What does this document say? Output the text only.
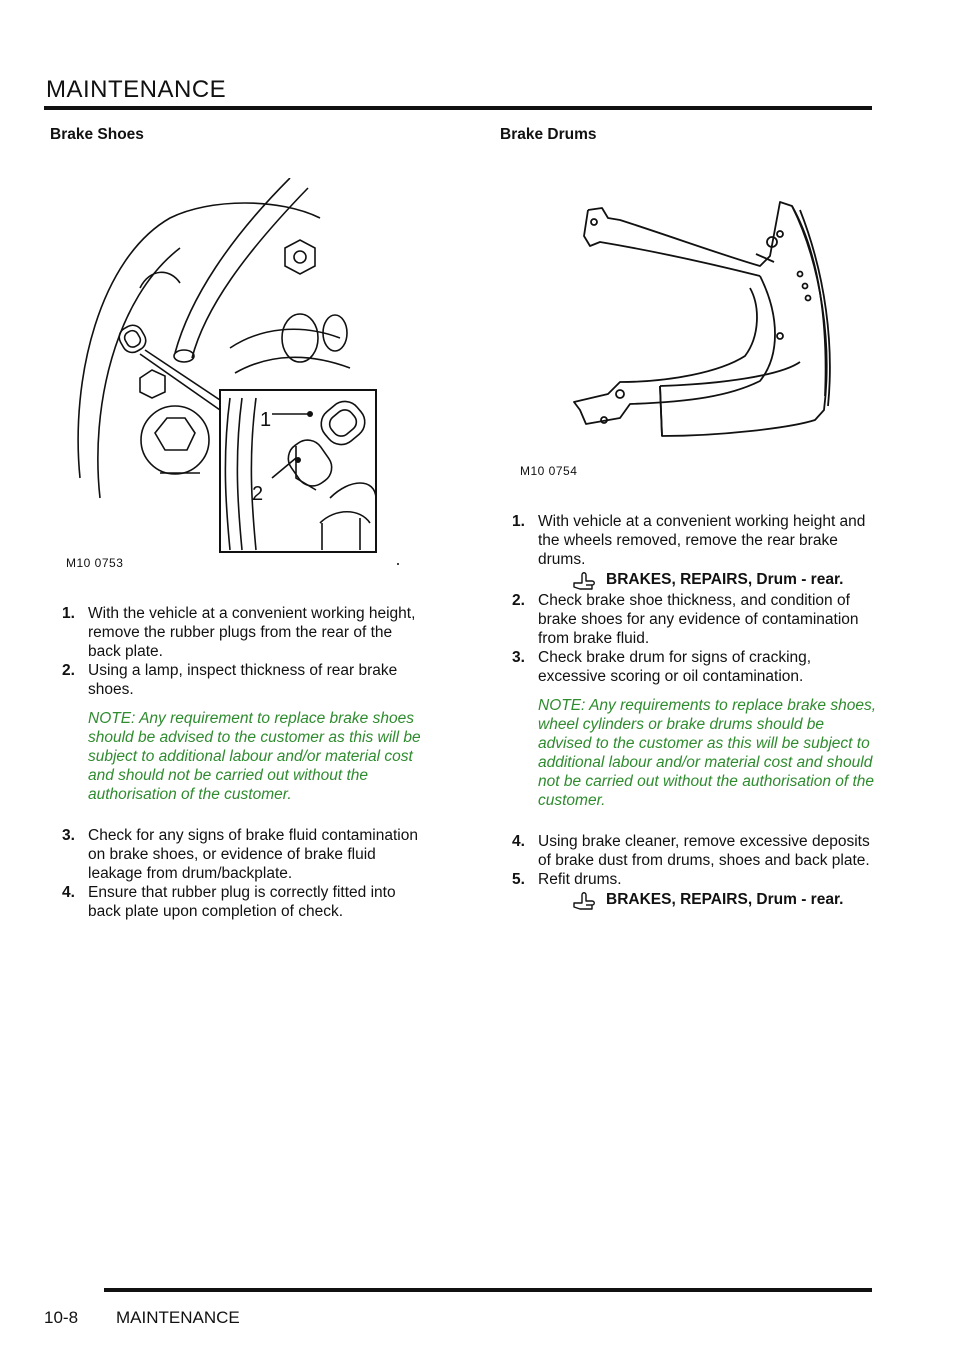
MAINTENANCE
Brake Shoes
1
2
M10 0753
1. With the vehicle at a convenient working height, remove the rubber plugs from the rear of the back plate.
2. Using a lamp, inspect thickness of rear brake shoes.
NOTE: Any requirement to replace brake shoes should be advised to the customer as this will be subject to additional labour and/or material cost and should not be carried out without the authorisation of the customer.
3. Check for any signs of brake fluid contamination on brake shoes, or evidence of brake fluid leakage from drum/backplate.
4. Ensure that rubber plug is correctly fitted into back plate upon completion of check.
Brake Drums
M10 0754
1. With vehicle at a convenient working height and the wheels removed, remove the rear brake drums.
BRAKES, REPAIRS, Drum - rear.
2. Check brake shoe thickness, and condition of brake shoes for any evidence of contamination from brake fluid.
3. Check brake drum for signs of cracking, excessive scoring or oil contamination.
NOTE: Any requirements to replace brake shoes, wheel cylinders or brake drums should be advised to the customer as this will be subject to additional labour and/or material cost and should not be carried out without the authorisation of the customer.
4. Using brake cleaner, remove excessive deposits of brake dust from drums, shoes and back plate.
5. Refit drums.
BRAKES, REPAIRS, Drum - rear.
10-8 MAINTENANCE
